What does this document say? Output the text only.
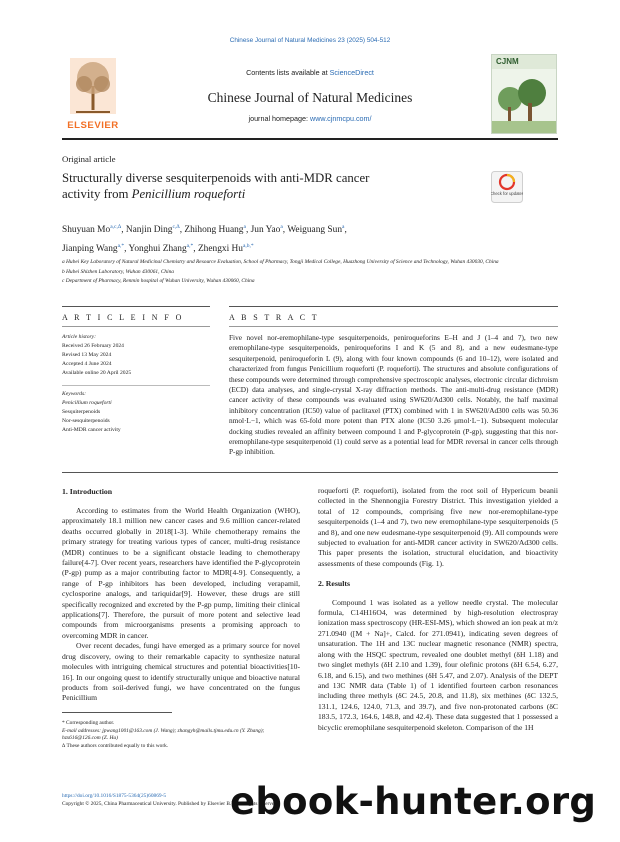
Chinese Journal of Natural Medicines 23 (2025) 504-512
ELSEVIER
Contents lists available at ScienceDirect
Chinese Journal of Natural Medicines
journal homepage: www.cjnmcpu.com/
CJNM
Original article
Structurally diverse sesquiterpenoids with anti-MDR cancer
activity from Penicillium roqueforti	Check for updates
Shuyuan $Mo^{a,c,\Delta}$, Nanjin Ding$^{c,\Delta}$, Zhihong Huang$^a$, Jun Yao$^a$, Weiguang Sun$^a$,
Jianping Wang$^{a,*}$, Yonghui Zhang$^{a,*}$, Zhengxi $Hu^{a,b,*}$
a Hubei Key Laboratory of Natural Medicinal Chemistry and Resource Evaluation, School of Pharmacy, Tongji Medical College, Huazhong University of Science and Technology, Wuhan 430030, China
b Hubei Shizhen Laboratory, Wuhan 430061, China
c Department of Pharmacy, Renmin hospital of Wuhan University, Wuhan 430060, China
A R T I C L E I N F O	A B S T R A C T
Article history:
Received 26 February 2024
Revised 13 May 2024
Accepted 4 June 2024
Available online 20 April 2025
Keywords:
Penicillium roqueforti
Sesquiterpenoids
Nor-sesquiterpenoids
Anti-MDR cancer activity
Five novel nor-eremophilane-type sesquiterpenoids, peniroqueforins E–H and J (1–4 and 7), two new eremophilane-type sesquiterpenoids, peniroqueforins I and K (5 and 8), and a new eudesmane-type sesquiterpenoid, peniroqueforin L (9), along with four known compounds (6 and 10–12), were isolated and characterized from fungus Penicillium roqueforti (P. roqueforti). The structures and absolute configurations of these compounds were determined through comprehensive spectroscopic analyses, electronic circular dichroism (ECD) data analyses, and single-crystal X-ray diffraction methods. The anti-multi-drug resistance (MDR) cancer activity of these compounds was evaluated using SW620/Ad300 cells. Notably, the half maximal inhibitory concentration (IC50) value of paclitaxel (PTX) combined with 1 in SW620/Ad300 cells was 50.36 nmol·L−1, which was 65-fold more potent than PTX alone (IC50 3.26 μmol·L−1). Subsequent molecular docking studies revealed an affinity between compound 1 and P-glycoprotein (P-gp), suggesting that this nor-eremophilane-type sesquiterpenoid (1) could serve as a potential lead for MDR reversal in cancer cells through P-gp inhibition.
1. Introduction

According to estimates from the World Health Organization (WHO), approximately 18.1 million new cancer cases and 9.6 million cancer-related deaths occurred globally in 2018[1-3]. While chemotherapy remains the primary strategy for treating various types of cancer, multi-drug resistance (MDR) continues to be a significant obstacle leading to chemotherapy failure[4-7]. Over recent years, researchers have identified the P-glycoprotein (P-gp) pump as a major contributing factor to MDR[4-9]. Consequently, a range of P-gp inhibitors has been developed, including verapamil, cyclosporine analogs, and tariquidar[9]. However, these drugs are still specifically recognized and excreted by the P-gp pump, limiting their clinical applications[7]. Therefore, the pursuit of more potent and selective lead compounds from microorganisms presents a promising approach to overcoming MDR in cancer.

Over recent decades, fungi have emerged as a primary source for novel drug discovery, owing to their remarkable capacity to synthesize natural molecules with intriguing chemical structures and potential bioactivities[10-16]. In our ongoing quest to identify structurally unique and bioactive natural products from soil-derived fungi, we have concentrated on the fungus Penicillium

roqueforti (P. roqueforti), isolated from the root soil of Hypericum beanii collected in the Shennongjia Forestry District. This investigation yielded a total of 12 compounds, comprising five new nor-eremophilane-type sesquiterpenoids (1–4 and 7), two new eremophilane-type sesquiterpenoids (5 and 8), and one new eudesmane-type sesquiterpenoid (9). All compounds were subjected to evaluation for anti-MDR cancer activity in SW620/Ad300 cells. This paper presents the isolation, structural elucidation, and bioactivity assessments of these compounds (Fig. 1).

2. Results

Compound 1 was isolated as a yellow needle crystal. The molecular formula, C14H16O4, was determined by high-resolution electrospray ionization mass spectroscopy (HR-ESI-MS), which showed an ion peak at m/z 271.0940 ([M + Na]+, Calcd. for 271.0941), indicating seven degrees of unsaturation. The 1H and 13C nuclear magnetic resonance (NMR) spectra, along with the HSQC spectrum, revealed one doublet methyl (δH 1.18) and two singlet methyls (δH 2.10 and 1.39), four olefinic protons (δH 6.54, 6.27, 6.18, and 6.15), and two methines (δH 5.47, and 2.07). Analysis of the DEPT and 13C NMR data (Table 1) of 1 identified fourteen carbon resonances including three methyls (δC 24.5, 20.8, and 11.8), six methines (δC 132.5, 131.1, 124.6, 124.0, 71.3, and 39.7), and five non-protonated carbons (δC 183.5, 172.3, 164.6, 148.8, and 42.4). These data suggested that 1 possessed a bicyclic eremophilane sesquiterpenoid skeleton. Comparison of the 1H

* Corresponding author.
E-mail addresses: jpwang1001@163.com (J. Wang); zhangyh@mails.tjmu.edu.cn (Y. Zhang); hzx616@126.com (Z. Hu)
∆ These authors contributed equally to this work.
https://doi.org/10.1016/S1875-5364(25)60869-5
Copyright © 2025, China Pharmaceutical University. Published by Elsevier B.V. All rights reserved.
ebook-hunter.org
